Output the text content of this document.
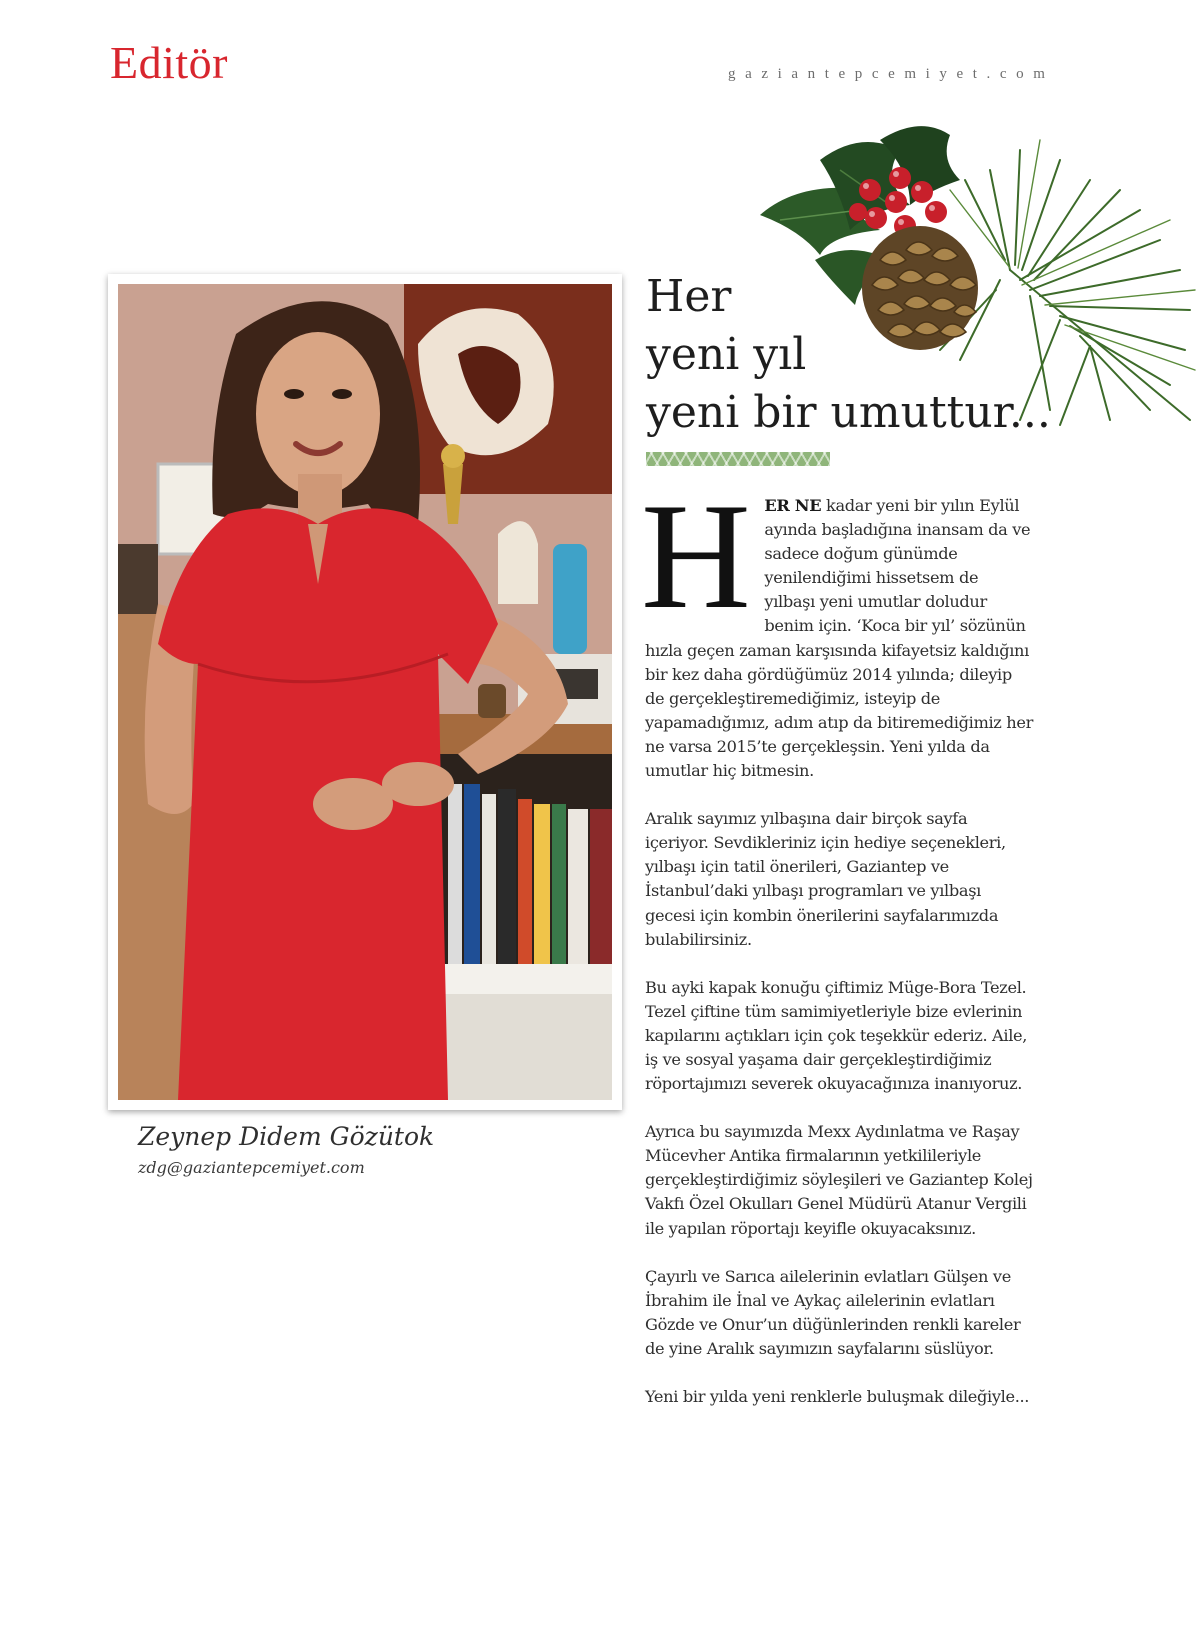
Editör	gaziantepcemiyet.com
Zeynep Didem Gözütok
zdg@gaziantepcemiyet.com
Her
yeni yıl
yeni bir umuttur...

HER NE kadar yeni bir yılın Eylül ayında başladığına inansam da ve sadece doğum günümde yenilendiğimi hissetsem de yılbaşı yeni umutlar doludur benim için. ‘Koca bir yıl’ sözünün hızla geçen zaman karşısında kifayetsiz kaldığını bir kez daha gördüğümüz 2014 yılında; dileyip de gerçekleştiremediğimiz, isteyip de yapamadığımız, adım atıp da bitiremediğimiz her ne varsa 2015’te gerçekleşsin. Yeni yılda da umutlar hiç bitmesin.

Aralık sayımız yılbaşına dair birçok sayfa içeriyor. Sevdikleriniz için hediye seçenekleri, yılbaşı için tatil önerileri, Gaziantep ve İstanbul’daki yılbaşı programları ve yılbaşı gecesi için kombin önerilerini sayfalarımızda bulabilirsiniz.

Bu ayki kapak konuğu çiftimiz Müge-Bora Tezel. Tezel çiftine tüm samimiyetleriyle bize evlerinin kapılarını açtıkları için çok teşekkür ederiz. Aile, iş ve sosyal yaşama dair gerçekleştirdiğimiz röportajımızı severek okuyacağınıza inanıyoruz.

Ayrıca bu sayımızda Mexx Aydınlatma ve Raşay Mücevher Antika firmalarının yetkilileriyle gerçekleştirdiğimiz söyleşileri ve Gaziantep Kolej Vakfı Özel Okulları Genel Müdürü Atanur Vergili ile yapılan röportajı keyifle okuyacaksınız.

Çayırlı ve Sarıca ailelerinin evlatları Gülşen ve İbrahim ile İnal ve Aykaç ailelerinin evlatları Gözde ve Onur’un düğünlerinden renkli kareler de yine Aralık sayımızın sayfalarını süslüyor.

Yeni bir yılda yeni renklerle buluşmak dileğiyle...
